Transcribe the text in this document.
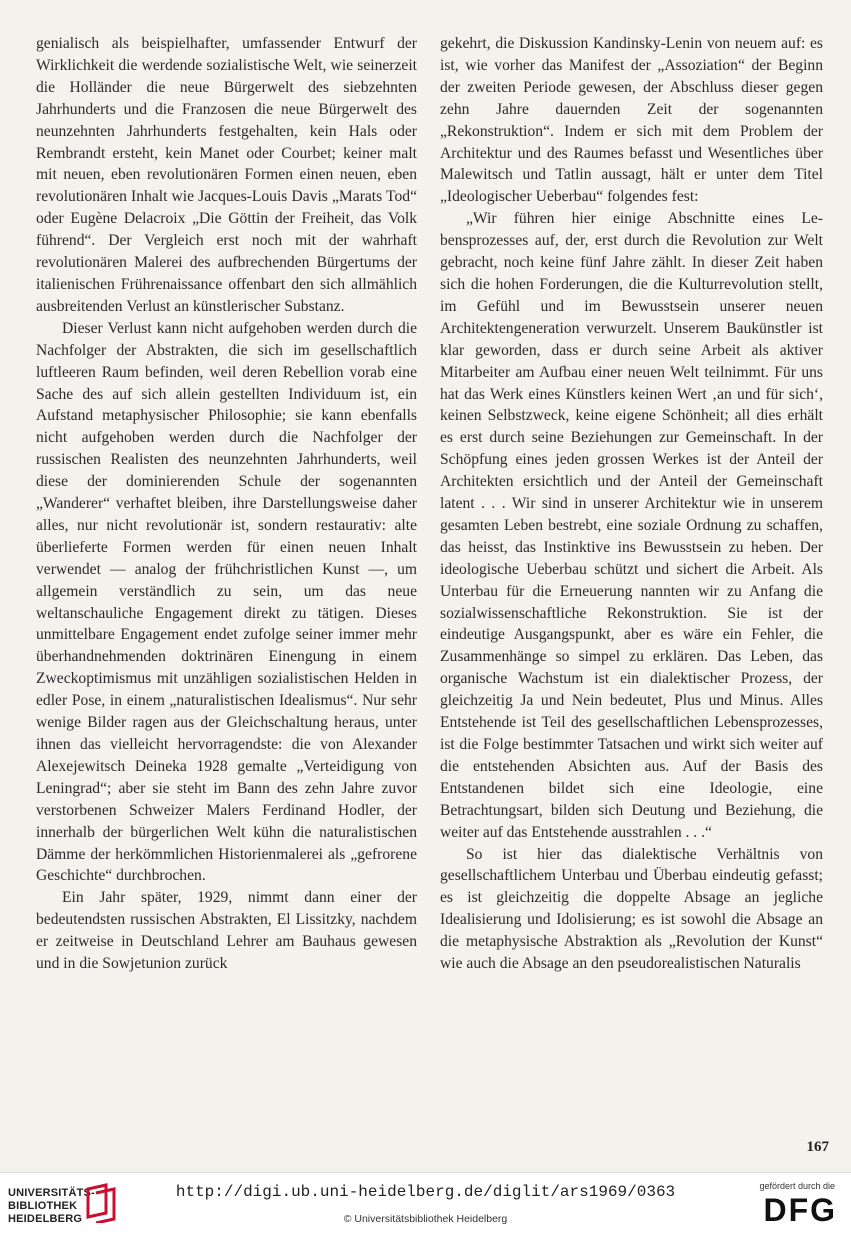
genialisch als beispielhafter, umfassender Entwurf der Wirklichkeit die werdende sozialistische Welt, wie seinerzeit die Holländer die neue Bürgerwelt des siebzehnten Jahrhunderts und die Franzosen die neue Bürgerwelt des neunzehnten Jahrhunderts festgehalten, kein Hals oder Rembrandt ersteht, kein Manet oder Courbet; keiner malt mit neuen, eben revolutionären Formen einen neuen, eben revolutionären Inhalt wie Jacques-Louis Davis „Marats Tod“ oder Eugène Delacroix „Die Göttin der Freiheit, das Volk führend“. Der Vergleich erst noch mit der wahrhaft revolutionären Malerei des aufbrechenden Bürgertums der italienischen Frührenaissance offenbart den sich allmählich ausbreitenden Verlust an künstlerischer Substanz.

Dieser Verlust kann nicht aufgehoben werden durch die Nachfolger der Abstrakten, die sich im gesellschaftlich luftleeren Raum befinden, weil deren Rebellion vorab eine Sache des auf sich allein gestellten Individuum ist, ein Aufstand metaphysischer Philosophie; sie kann ebenfalls nicht aufgehoben werden durch die Nachfolger der russischen Realisten des neunzehnten Jahrhunderts, weil diese der dominierenden Schule der sogenannten „Wanderer“ verhaftet bleiben, ihre Darstellungsweise daher alles, nur nicht revolutionär ist, sondern restaurativ: alte überlieferte Formen werden für einen neuen Inhalt verwendet — analog der frühchristlichen Kunst —, um allgemein verständlich zu sein, um das neue weltanschauliche Engagement direkt zu tätigen. Dieses unmittelbare Engagement endet zufolge seiner immer mehr überhandnehmenden doktrinären Einengung in einem Zweckoptimismus mit unzähligen sozialistischen Helden in edler Pose, in einem „naturalistischen Idealismus“. Nur sehr wenige Bilder ragen aus der Gleichschaltung heraus, unter ihnen das vielleicht hervorragendste: die von Alexander Alexejewitsch Deineka 1928 gemalte „Verteidigung von Leningrad“; aber sie steht im Bann des zehn Jahre zuvor verstorbenen Schweizer Malers Ferdinand Hodler, der innerhalb der bürgerlichen Welt kühn die naturalistischen Dämme der herkömmlichen Historienmalerei als „gefrorene Geschichte“ durchbrochen.

Ein Jahr später, 1929, nimmt dann einer der bedeutendsten russischen Abstrakten, El Lissitzky, nachdem er zeitweise in Deutschland Lehrer am Bauhaus gewesen und in die Sowjetunion zurück

gekehrt, die Diskussion Kandinsky-Lenin von neuem auf: es ist, wie vorher das Manifest der „Assoziation“ der Beginn der zweiten Periode gewesen, der Abschluss dieser gegen zehn Jahre dauernden Zeit der sogenannten „Rekonstruktion“. Indem er sich mit dem Problem der Architektur und des Raumes befasst und Wesentliches über Malewitsch und Tatlin aussagt, hält er unter dem Titel „Ideologischer Ueberbau“ folgendes fest:

„Wir führen hier einige Abschnitte eines Lebensprozesses auf, der, erst durch die Revolution zur Welt gebracht, noch keine fünf Jahre zählt. In dieser Zeit haben sich die hohen Forderungen, die die Kulturrevolution stellt, im Gefühl und im Bewusstsein unserer neuen Architektengeneration verwurzelt. Unserem Baukünstler ist klar geworden, dass er durch seine Arbeit als aktiver Mitarbeiter am Aufbau einer neuen Welt teilnimmt. Für uns hat das Werk eines Künstlers keinen Wert ‚an und für sich‘, keinen Selbstzweck, keine eigene Schönheit; all dies erhält es erst durch seine Beziehungen zur Gemeinschaft. In der Schöpfung eines jeden grossen Werkes ist der Anteil der Architekten ersichtlich und der Anteil der Gemeinschaft latent . . . Wir sind in unserer Architektur wie in unserem gesamten Leben bestrebt, eine soziale Ordnung zu schaffen, das heisst, das Instinktive ins Bewusstsein zu heben. Der ideologische Ueberbau schützt und sichert die Arbeit. Als Unterbau für die Erneuerung nannten wir zu Anfang die sozialwissenschaftliche Rekonstruktion. Sie ist der eindeutige Ausgangspunkt, aber es wäre ein Fehler, die Zusammenhänge so simpel zu erklären. Das Leben, das organische Wachstum ist ein dialektischer Prozess, der gleichzeitig Ja und Nein bedeutet, Plus und Minus. Alles Entstehende ist Teil des gesellschaftlichen Lebensprozesses, ist die Folge bestimmter Tatsachen und wirkt sich weiter auf die entstehenden Absichten aus. Auf der Basis des Entstandenen bildet sich eine Ideologie, eine Betrachtungsart, bilden sich Deutung und Beziehung, die weiter auf das Entstehende ausstrahlen . . .“

So ist hier das dialektische Verhältnis von gesellschaftlichem Unterbau und Überbau eindeutig gefasst; es ist gleichzeitig die doppelte Absage an jegliche Idealisierung und Idolisierung; es ist sowohl die Absage an die metaphysische Abstraktion als „Revolution der Kunst“ wie auch die Absage an den pseudorealistischen Naturalis

167
UNIVERSITÄTS-
BIBLIOTHEK
HEIDELBERG
http://digi.ub.uni-heidelberg.de/diglit/ars1969/0363
© Universitätsbibliothek Heidelberg
gefördert durch die
DFG
